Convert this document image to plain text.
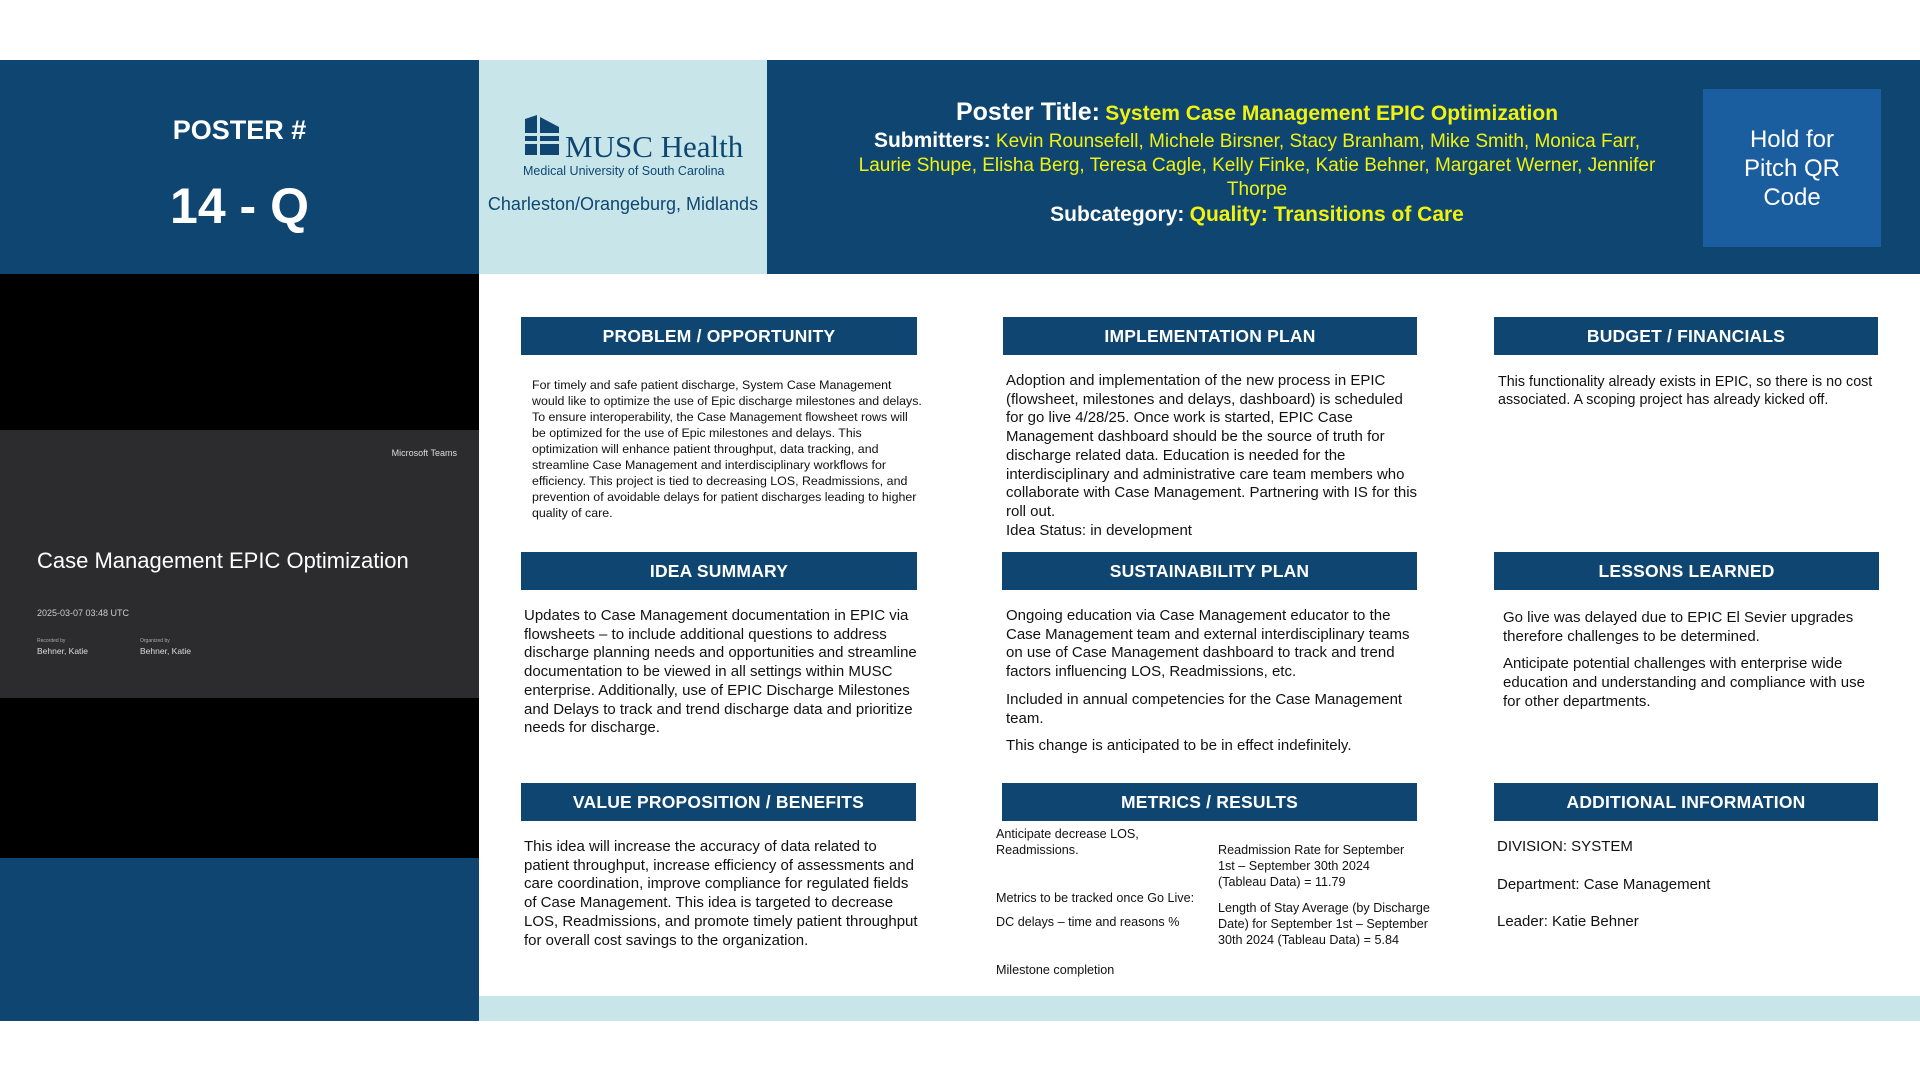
POSTER #
14 - Q
MUSC Health
Medical University of South Carolina
Charleston/Orangeburg, Midlands
Poster Title: System Case Management EPIC Optimization
Submitters: Kevin Rounsefell, Michele Birsner, Stacy Branham, Mike Smith, Monica Farr, Laurie Shupe, Elisha Berg, Teresa Cagle, Kelly Finke, Katie Behner, Margaret Werner, Jennifer Thorpe
Subcategory: Quality: Transitions of Care
Hold for Pitch QR Code
Microsoft Teams
Case Management EPIC Optimization
2025-03-07 03:48 UTC
Recorded by
Behner, Katie
Organized by
Behner, Katie
PROBLEM / OPPORTUNITY
For timely and safe patient discharge, System Case Management would like to optimize the use of Epic discharge milestones and delays. To ensure interoperability, the Case Management flowsheet rows will be optimized for the use of Epic milestones and delays. This optimization will enhance patient throughput, data tracking, and streamline Case Management and interdisciplinary workflows for efficiency. This project is tied to decreasing LOS, Readmissions, and prevention of avoidable delays for patient discharges leading to higher quality of care.
IMPLEMENTATION PLAN
Adoption and implementation of the new process in EPIC (flowsheet, milestones and delays, dashboard) is scheduled for go live 4/28/25. Once work is started, EPIC Case Management dashboard should be the source of truth for discharge related data. Education is needed for the interdisciplinary and administrative care team members who collaborate with Case Management. Partnering with IS for this roll out.
Idea Status: in development
BUDGET / FINANCIALS
This functionality already exists in EPIC, so there is no cost associated. A scoping project has already kicked off.
IDEA SUMMARY
Updates to Case Management documentation in EPIC via flowsheets – to include additional questions to address discharge planning needs and opportunities and streamline documentation to be viewed in all settings within MUSC enterprise. Additionally, use of EPIC Discharge Milestones and Delays to track and trend discharge data and prioritize needs for discharge.
SUSTAINABILITY PLAN

Ongoing education via Case Management educator to the Case Management team and external interdisciplinary teams on use of Case Management dashboard to track and trend factors influencing LOS, Readmissions, etc.

Included in annual competencies for the Case Management team.

This change is anticipated to be in effect indefinitely.

LESSONS LEARNED

Go live was delayed due to EPIC El Sevier upgrades therefore challenges to be determined.

Anticipate potential challenges with enterprise wide education and understanding and compliance with use for other departments.

VALUE PROPOSITION / BENEFITS
This idea will increase the accuracy of data related to patient throughput, increase efficiency of assessments and care coordination, improve compliance for regulated fields of Case Management. This idea is targeted to decrease LOS, Readmissions, and promote timely patient throughput for overall cost savings to the organization.
METRICS / RESULTS
Anticipate decrease LOS, Readmissions.
Metrics to be tracked once Go Live:
DC delays – time and reasons %
Milestone completion
Readmission Rate for September 1st – September 30th 2024 (Tableau Data) = 11.79
Length of Stay Average (by Discharge Date) for September 1st – September 30th 2024 (Tableau Data) = 5.84
ADDITIONAL INFORMATION
DIVISION: SYSTEM
Department: Case Management
Leader: Katie Behner
